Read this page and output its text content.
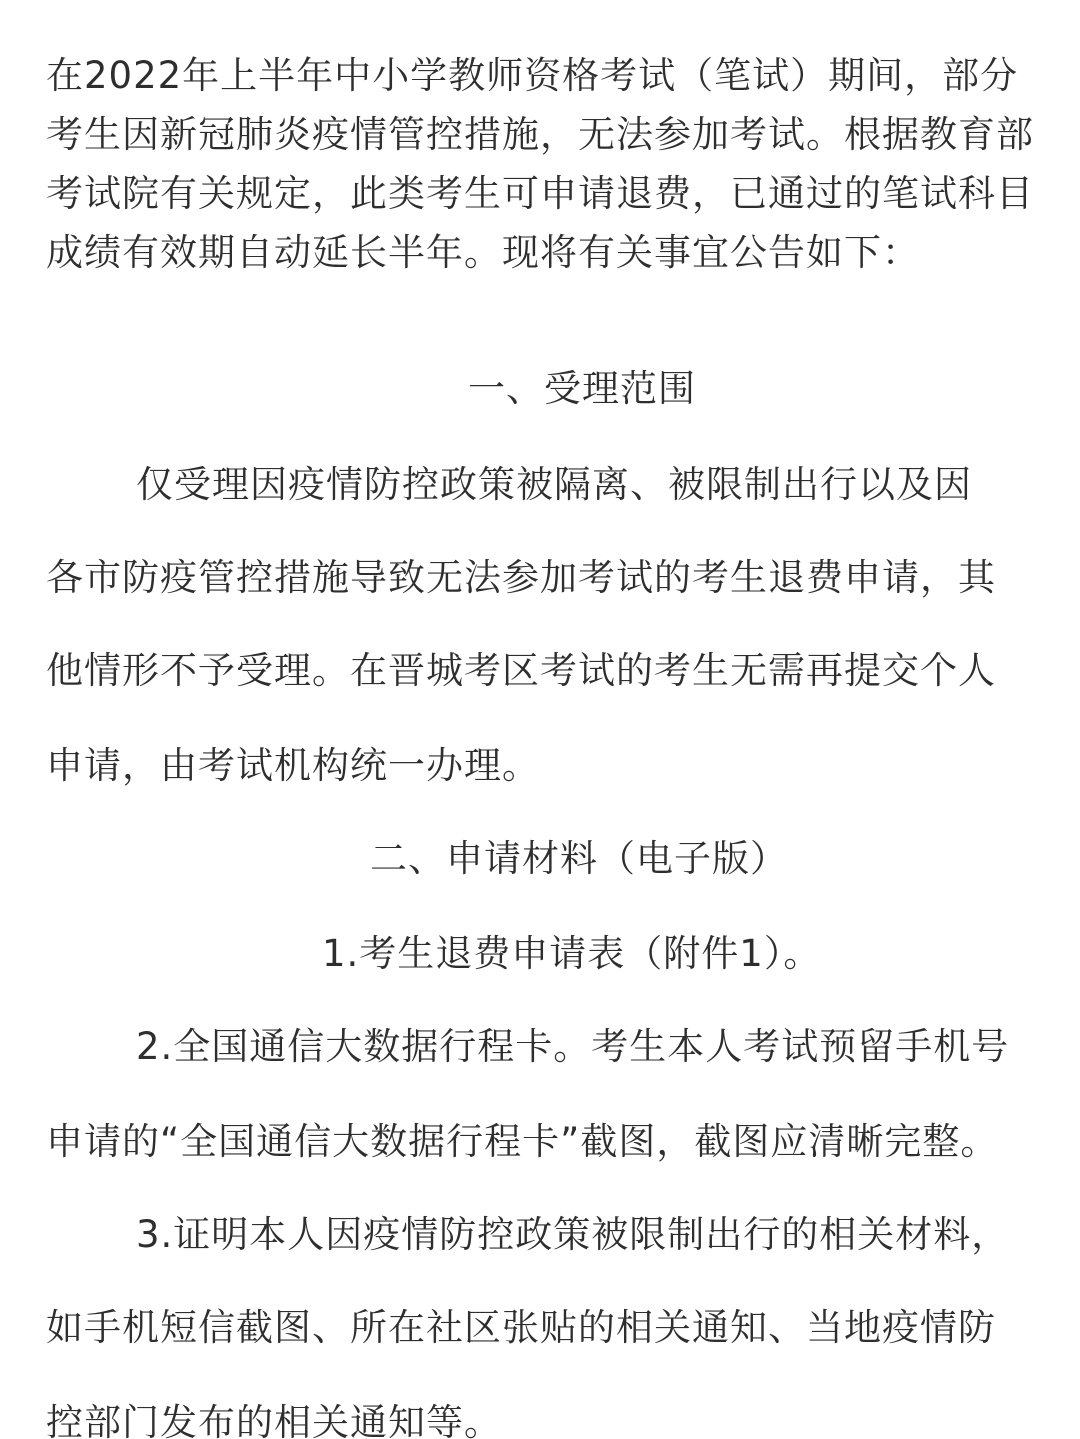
在2022年上半年中小学教师资格考试（笔试）期间，部分考生因新冠肺炎疫情管控措施，无法参加考试。根据教育部考试院有关规定，此类考生可申请退费，已通过的笔试科目成绩有效期自动延长半年。现将有关事宜公告如下：

一、受理范围
仅受理因疫情防控政策被隔离、被限制出行以及因
各市防疫管控措施导致无法参加考试的考生退费申请，其
他情形不予受理。在晋城考区考试的考生无需再提交个人
申请，由考试机构统一办理。
二、申请材料（电子版）
1.考生退费申请表（附件1）。
2.全国通信大数据行程卡。考生本人考试预留手机号
申请的“全国通信大数据行程卡”截图，截图应清晰完整。
3.证明本人因疫情防控政策被限制出行的相关材料，
如手机短信截图、所在社区张贴的相关通知、当地疫情防
控部门发布的相关通知等。
